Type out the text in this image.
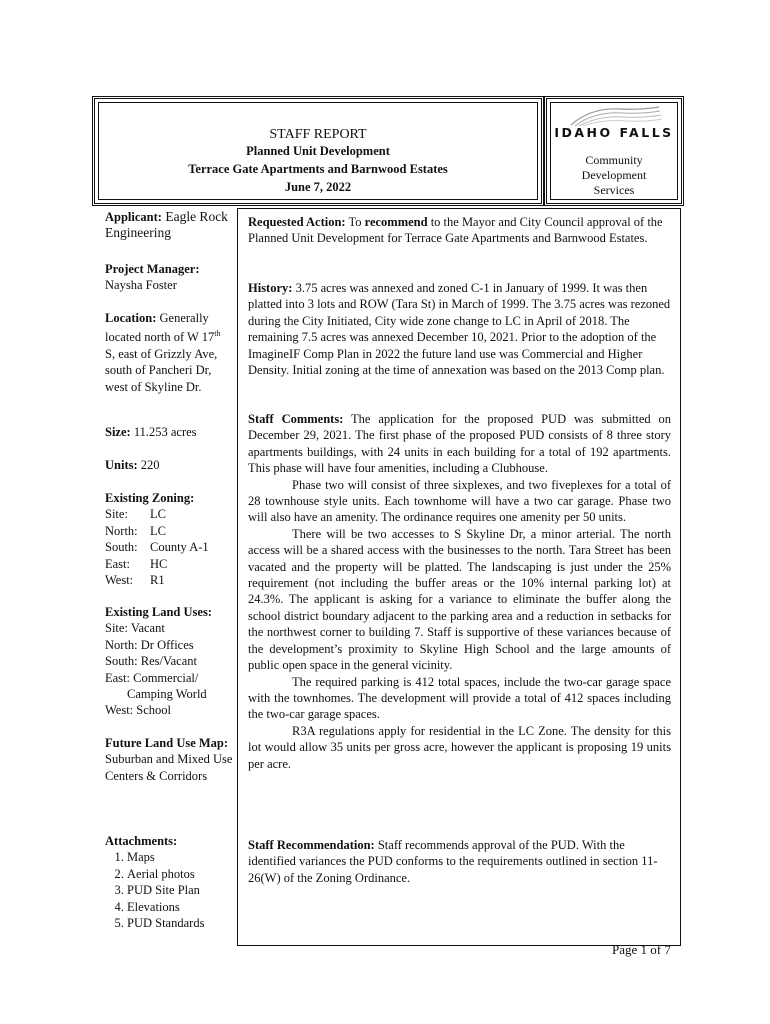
STAFF REPORT
Planned Unit Development
Terrace Gate Apartments and Barnwood Estates
June 7, 2022
IDAHO FALLS
Community
Development
Services
Applicant: Eagle Rock Engineering
Project Manager:
Naysha Foster
Location: Generally located north of W 17th S, east of Grizzly Ave, south of Pancheri Dr, west of Skyline Dr.
Size: 11.253 acres
Units: 220
Existing Zoning:
Site: LC
North: LC
South: County A-1
East: HC
West: R1
Existing Land Uses:
Site: Vacant
North: Dr Offices
South: Res/Vacant
East: Commercial/
Camping World
West: School
Future Land Use Map:
Suburban and Mixed Use Centers & Corridors
Attachments:
1. Maps
2. Aerial photos
3. PUD Site Plan
4. Elevations
5. PUD Standards
Requested Action: To recommend to the Mayor and City Council approval of the Planned Unit Development for Terrace Gate Apartments and Barnwood Estates.
History: 3.75 acres was annexed and zoned C-1 in January of 1999. It was then platted into 3 lots and ROW (Tara St) in March of 1999. The 3.75 acres was rezoned during the City Initiated, City wide zone change to LC in April of 2018. The remaining 7.5 acres was annexed December 10, 2021. Prior to the adoption of the ImagineIF Comp Plan in 2022 the future land use was Commercial and Higher Density. Initial zoning at the time of annexation was based on the 2013 Comp plan.
Staff Comments: The application for the proposed PUD was submitted on December 29, 2021. The first phase of the proposed PUD consists of 8 three story apartments buildings, with 24 units in each building for a total of 192 apartments. This phase will have four amenities, including a Clubhouse.
Phase two will consist of three sixplexes, and two fiveplexes for a total of 28 townhouse style units. Each townhome will have a two car garage. Phase two will also have an amenity. The ordinance requires one amenity per 50 units.
There will be two accesses to S Skyline Dr, a minor arterial. The north access will be a shared access with the businesses to the north. Tara Street has been vacated and the property will be platted. The landscaping is just under the 25% requirement (not including the buffer areas or the 10% internal parking lot) at 24.3%. The applicant is asking for a variance to eliminate the buffer along the school district boundary adjacent to the parking area and a reduction in setbacks for the northwest corner to building 7. Staff is supportive of these variances because of the development’s proximity to Skyline High School and the large amounts of public open space in the general vicinity.
The required parking is 412 total spaces, include the two-car garage space with the townhomes. The development will provide a total of 412 spaces including the two-car garage spaces.
R3A regulations apply for residential in the LC Zone. The density for this lot would allow 35 units per gross acre, however the applicant is proposing 19 units per acre.
Staff Recommendation: Staff recommends approval of the PUD. With the identified variances the PUD conforms to the requirements outlined in section 11-26(W) of the Zoning Ordinance.
Page 1 of 7
